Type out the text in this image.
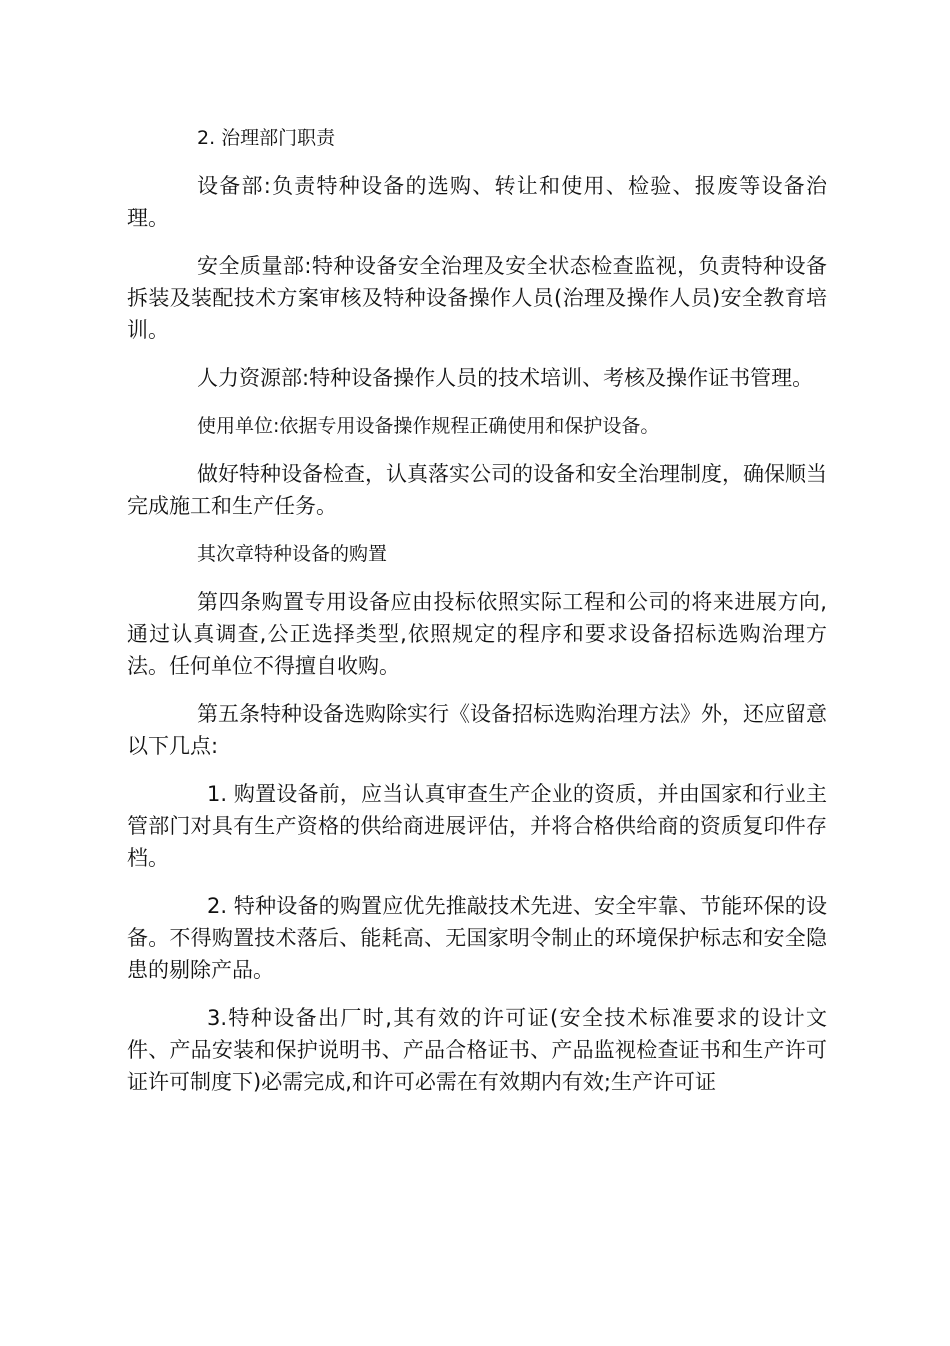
2. 治理部门职责

设备部:负责特种设备的选购、转让和使用、检验、报废等设备治理。

安全质量部:特种设备安全治理及安全状态检查监视，负责特种设备拆装及装配技术方案审核及特种设备操作人员(治理及操作人员)安全教育培训。

人力资源部:特种设备操作人员的技术培训、考核及操作证书管理。

使用单位:依据专用设备操作规程正确使用和保护设备。

做好特种设备检查，认真落实公司的设备和安全治理制度，确保顺当完成施工和生产任务。

其次章特种设备的购置

第四条购置专用设备应由投标依照实际工程和公司的将来进展方向,通过认真调查,公正选择类型,依照规定的程序和要求设备招标选购治理方法。任何单位不得擅自收购。

第五条特种设备选购除实行《设备招标选购治理方法》外，还应留意以下几点:

1. 购置设备前，应当认真审查生产企业的资质，并由国家和行业主管部门对具有生产资格的供给商进展评估，并将合格供给商的资质复印件存档。

2. 特种设备的购置应优先推敲技术先进、安全牢靠、节能环保的设备。不得购置技术落后、能耗高、无国家明令制止的环境保护标志和安全隐患的剔除产品。

3.特种设备出厂时,其有效的许可证(安全技术标准要求的设计文件、产品安装和保护说明书、产品合格证书、产品监视检查证书和生产许可证许可制度下)必需完成,和许可必需在有效期内有效;生产许可证
